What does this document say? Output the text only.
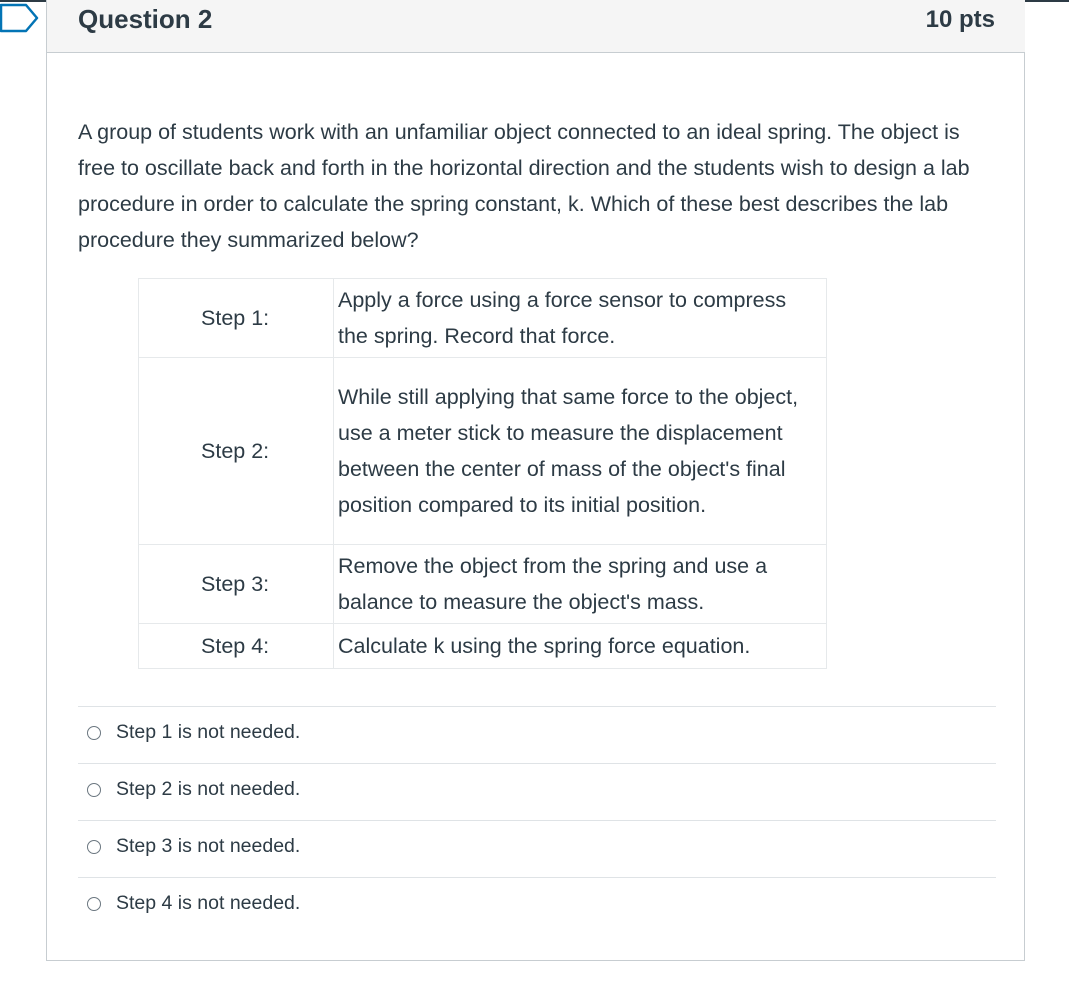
Question 2	10 pts
A group of students work with an unfamiliar object connected to an ideal spring. The object is free to oscillate back and forth in the horizontal direction and the students wish to design a lab procedure in order to calculate the spring constant, k. Which of these best describes the lab procedure they summarized below?
Step 1:	Apply a force using a force sensor to compress the spring. Record that force.
Step 2:	While still applying that same force to the object, use a meter stick to measure the displacement between the center of mass of the object's final position compared to its initial position.
Step 3:	Remove the object from the spring and use a balance to measure the object's mass.
Step 4:	Calculate k using the spring force equation.
Step 1 is not needed.
Step 2 is not needed.
Step 3 is not needed.
Step 4 is not needed.
